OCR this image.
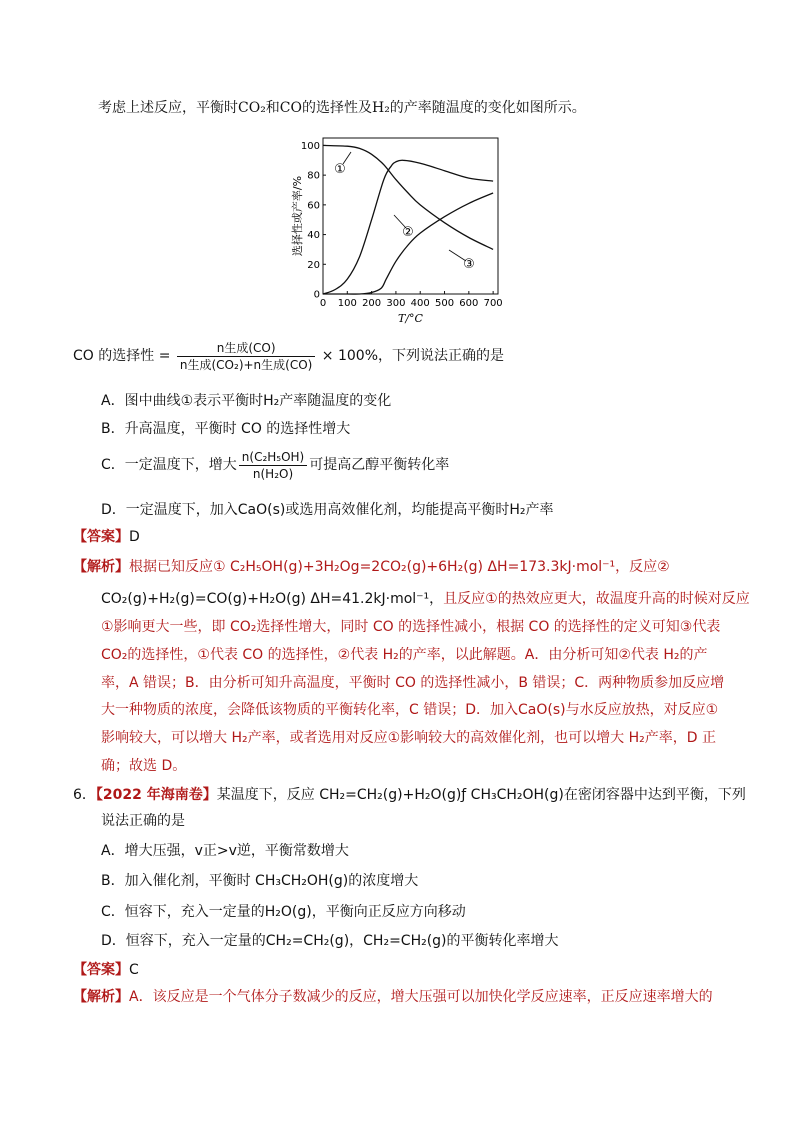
考虑上述反应，平衡时CO₂和CO的选择性及H₂的产率随温度的变化如图所示。
0 100 200 300 400 500 600 700
0
20
40
60
80
100
T/°C
选择性或产率/%
①
②
③
CO 的选择性 = $\frac{\text{n生成(CO)}}{\text{n生成(CO₂)+n生成(CO)}} \times 100\%$，下列说法正确的是
A．图中曲线①表示平衡时H₂产率随温度的变化
B．升高温度，平衡时 CO 的选择性增大
C．一定温度下，增大 $\frac{\text{n(C₂H₅OH)}}{\text{n(H₂O)}}$ 可提高乙醇平衡转化率
D．一定温度下，加入CaO(s)或选用高效催化剂，均能提高平衡时H₂产率
【答案】D
【解析】根据已知反应① C₂H₅OH(g)+3H₂Og=2CO₂(g)+6H₂(g) ΔH=173.3kJ·mol⁻¹，反应②
CO₂(g)+H₂(g)=CO(g)+H₂O(g) ΔH=41.2kJ·mol⁻¹，且反应①的热效应更大，故温度升高的时候对反应
①影响更大一些，即 CO₂选择性增大，同时 CO 的选择性减小，根据 CO 的选择性的定义可知③代表
CO₂的选择性，①代表 CO 的选择性，②代表 H₂的产率，以此解题。A．由分析可知②代表 H₂的产
率，A 错误；B．由分析可知升高温度，平衡时 CO 的选择性减小，B 错误；C．两种物质参加反应增
大一种物质的浓度，会降低该物质的平衡转化率，C 错误；D．加入CaO(s)与水反应放热，对反应①
影响较大，可以增大 H₂产率，或者选用对反应①影响较大的高效催化剂，也可以增大 H₂产率，D 正
确；故选 D。
6．【2022 年海南卷】某温度下，反应 CH₂=CH₂(g)+H₂O(g)ƒ CH₃CH₂OH(g)在密闭容器中达到平衡，下列
说法正确的是
A．增大压强，v正>v逆，平衡常数增大
B．加入催化剂，平衡时 CH₃CH₂OH(g)的浓度增大
C．恒容下，充入一定量的H₂O(g)，平衡向正反应方向移动
D．恒容下，充入一定量的CH₂=CH₂(g)，CH₂=CH₂(g)的平衡转化率增大
【答案】C
【解析】A．该反应是一个气体分子数减少的反应，增大压强可以加快化学反应速率，正反应速率增大的
